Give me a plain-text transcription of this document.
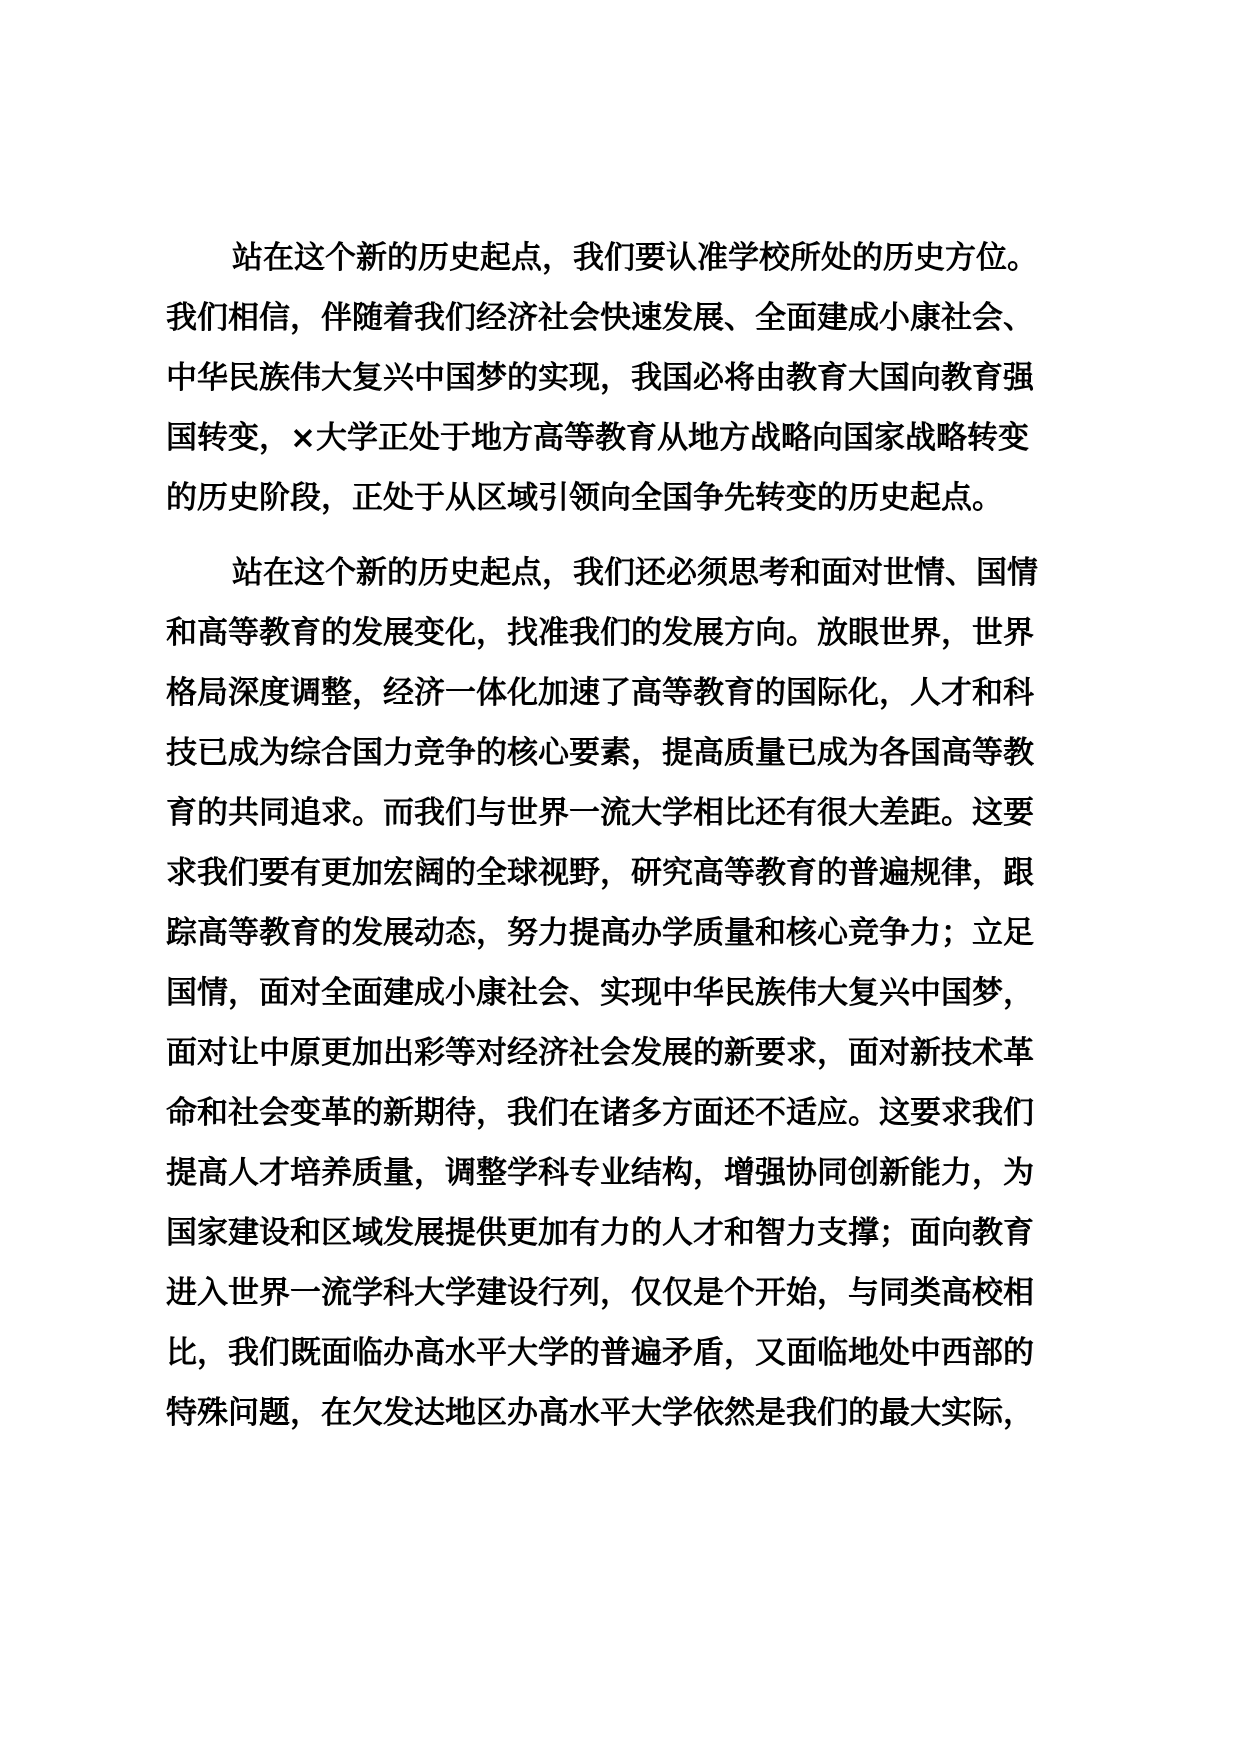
站在这个新的历史起点，我们要认准学校所处的历史方位。
我们相信，伴随着我们经济社会快速发展、全面建成小康社会、
中华民族伟大复兴中国梦的实现，我国必将由教育大国向教育强
国转变，×大学正处于地方高等教育从地方战略向国家战略转变
的历史阶段，正处于从区域引领向全国争先转变的历史起点。
站在这个新的历史起点，我们还必须思考和面对世情、国情
和高等教育的发展变化，找准我们的发展方向。放眼世界，世界
格局深度调整，经济一体化加速了高等教育的国际化，人才和科
技已成为综合国力竞争的核心要素，提高质量已成为各国高等教
育的共同追求。而我们与世界一流大学相比还有很大差距。这要
求我们要有更加宏阔的全球视野，研究高等教育的普遍规律，跟
踪高等教育的发展动态，努力提高办学质量和核心竞争力；立足
国情，面对全面建成小康社会、实现中华民族伟大复兴中国梦，
面对让中原更加出彩等对经济社会发展的新要求，面对新技术革
命和社会变革的新期待，我们在诸多方面还不适应。这要求我们
提高人才培养质量，调整学科专业结构，增强协同创新能力，为
国家建设和区域发展提供更加有力的人才和智力支撑；面向教育
进入世界一流学科大学建设行列，仅仅是个开始，与同类高校相
比，我们既面临办高水平大学的普遍矛盾，又面临地处中西部的
特殊问题，在欠发达地区办高水平大学依然是我们的最大实际，
